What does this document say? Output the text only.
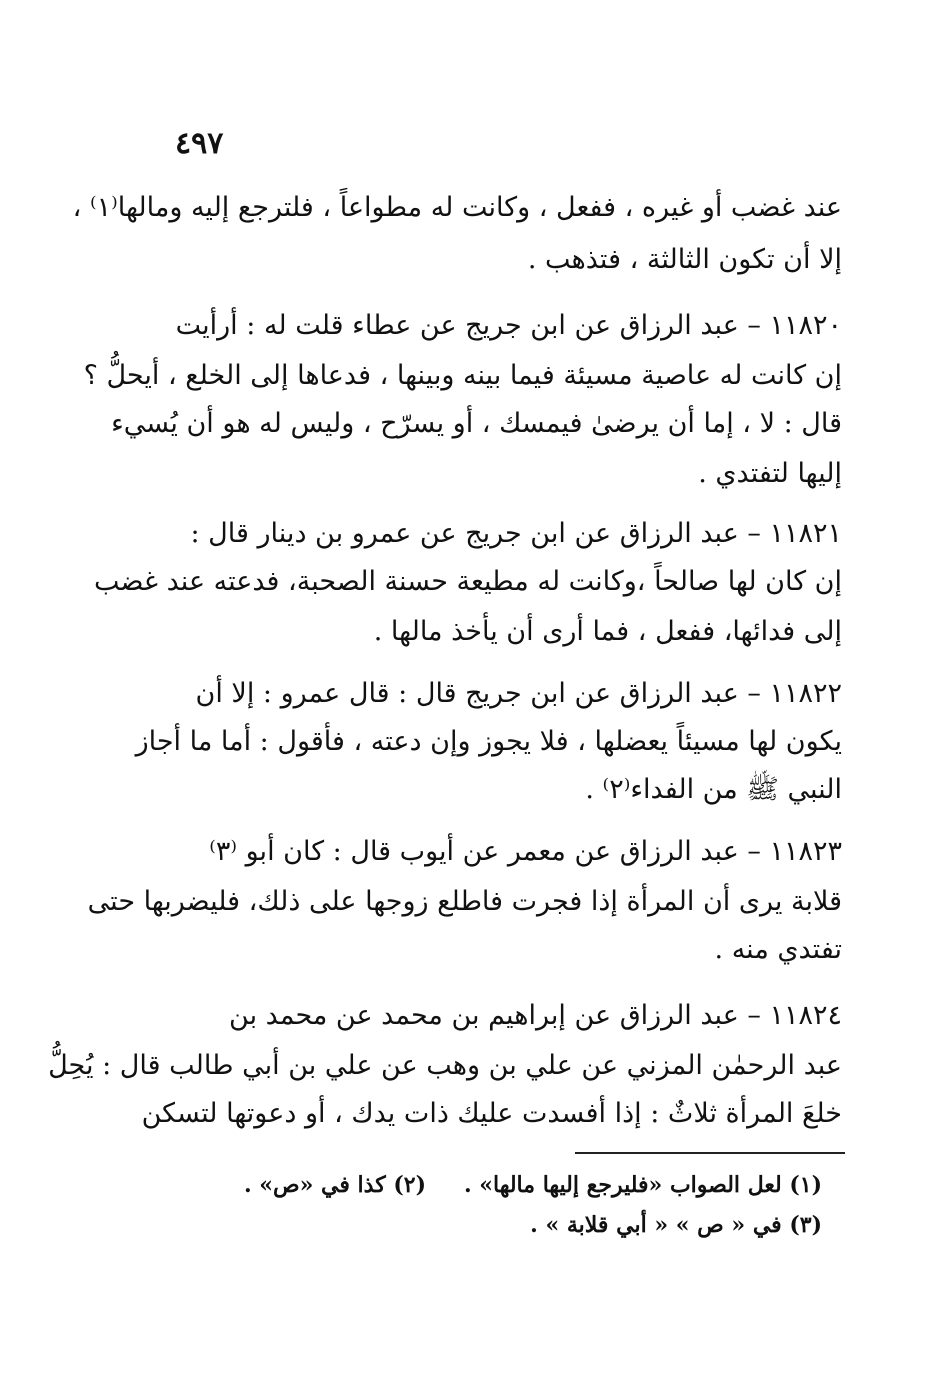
٤٩٧
عند غضب أو غيره ، ففعل ، وكانت له مطواعاً ، فلترجع إليه ومالها⁽١⁾ ،
إلا أن تكون الثالثة ، فتذهب .
١١٨٢٠ – عبد الرزاق عن ابن جريج عن عطاء قلت له : أرأيت
إن كانت له عاصية مسيئة فيما بينه وبينها ، فدعاها إلى الخلع ، أيحلُّ ؟
قال : لا ، إما أن يرضىٰ فيمسك ، أو يسرّح ، وليس له هو أن يُسيء
إليها لتفتدي .
١١٨٢١ – عبد الرزاق عن ابن جريج عن عمرو بن دينار قال :
إن كان لها صالحاً ،وكانت له مطيعة حسنة الصحبة، فدعته عند غضب
إلى فدائها، ففعل ، فما أرى أن يأخذ مالها .
١١٨٢٢ – عبد الرزاق عن ابن جريج قال : قال عمرو : إلا أن
يكون لها مسيئاً يعضلها ، فلا يجوز وإن دعته ، فأقول : أما ما أجاز
النبي ﷺ من الفداء⁽٢⁾ .
١١٨٢٣ – عبد الرزاق عن معمر عن أيوب قال : كان أبو ⁽٣⁾
قلابة يرى أن المرأة إذا فجرت فاطلع زوجها على ذلك، فليضربها حتى
تفتدي منه .
١١٨٢٤ – عبد الرزاق عن إبراهيم بن محمد عن محمد بن
عبد الرحمٰن المزني عن علي بن وهب عن علي بن أبي طالب قال : يُحِلُّ
خلعَ المرأة ثلاثٌ : إذا أفسدت عليك ذات يدك ، أو دعوتها لتسكن
(١) لعل الصواب «فليرجع إليها مالها» .
(٢) كذا في «ص» .
(٣) في « ص » « أبي قلابة » .
